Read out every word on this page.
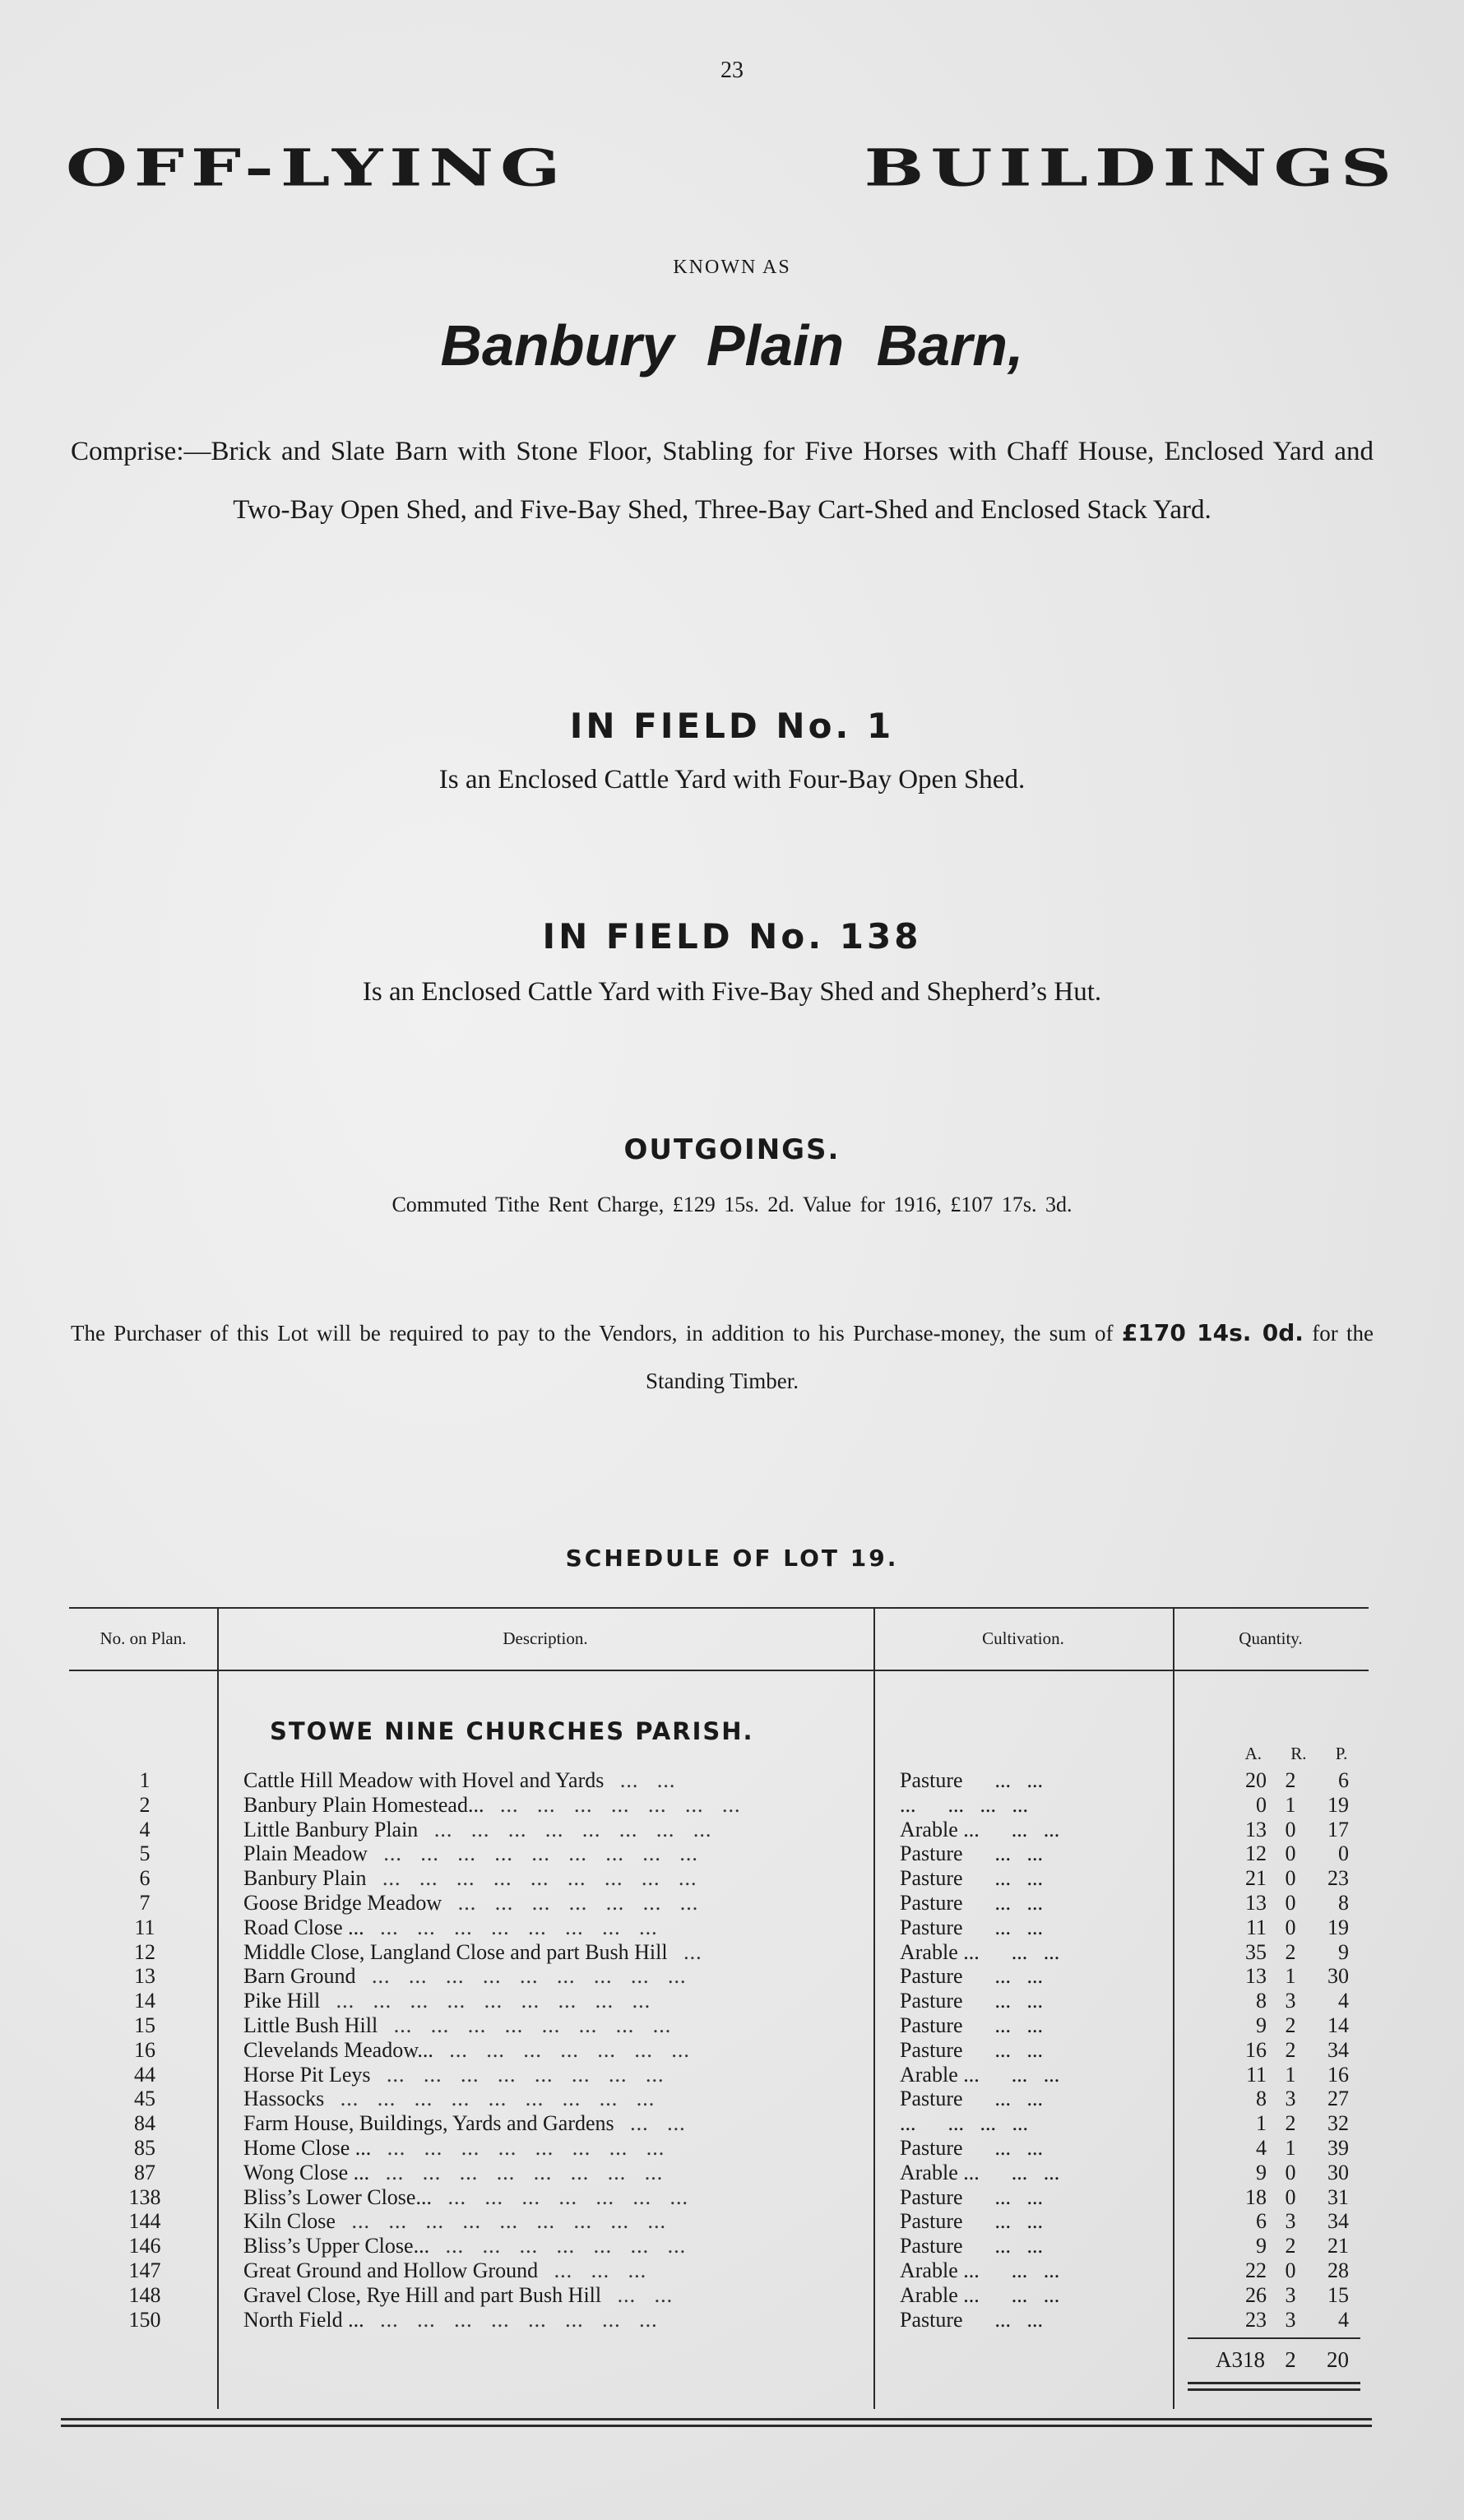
23
OFF-LYING	BUILDINGS
KNOWN AS
Banbury Plain Barn,
Comprise:—Brick and Slate Barn with Stone Floor, Stabling for Five Horses with Chaff House, Enclosed Yard and Two-Bay Open Shed, and Five-Bay Shed, Three-Bay Cart-Shed and Enclosed Stack Yard.
IN FIELD No. 1
Is an Enclosed Cattle Yard with Four-Bay Open Shed.
IN FIELD No. 138
Is an Enclosed Cattle Yard with Five-Bay Shed and Shepherd’s Hut.
OUTGOINGS.
Commuted Tithe Rent Charge, £129 15s. 2d. Value for 1916, £107 17s. 3d.
The Purchaser of this Lot will be required to pay to the Vendors, in addition to his Purchase-money, the sum of £170 14s. 0d. for the Standing Timber.
SCHEDULE OF LOT 19.
No. on Plan.	Description.	Cultivation.	Quantity.
STOWE NINE CHURCHES PARISH.
A. R. P.
1	Cattle Hill Meadow with Hovel and Yards ...   ...	Pasture ...   ...	20 2	6
2	Banbury Plain Homestead... ...   ...   ...   ...   ...   ...   ...	... ...   ...   ...	0 1	19
4	Little Banbury Plain ...   ...   ...   ...   ...   ...   ...   ...	Arable ... ...   ...	13 0	17
5	Plain Meadow ...   ...   ...   ...   ...   ...   ...   ...   ...	Pasture ...   ...	12 0	0
6	Banbury Plain ...   ...   ...   ...   ...   ...   ...   ...   ...	Pasture ...   ...	21 0	23
7	Goose Bridge Meadow ...   ...   ...   ...   ...   ...   ...	Pasture ...   ...	13 0	8
11	Road Close ... ...   ...   ...   ...   ...   ...   ...   ...	Pasture ...   ...	11 0	19
12	Middle Close, Langland Close and part Bush Hill ...	Arable ... ...   ...	35 2	9
13	Barn Ground ...   ...   ...   ...   ...   ...   ...   ...   ...	Pasture ...   ...	13 1	30
14	Pike Hill ...   ...   ...   ...   ...   ...   ...   ...   ...	Pasture ...   ...	8 3	4
15	Little Bush Hill ...   ...   ...   ...   ...   ...   ...   ...	Pasture ...   ...	9 2	14
16	Clevelands Meadow... ...   ...   ...   ...   ...   ...   ...	Pasture ...   ...	16 2	34
44	Horse Pit Leys ...   ...   ...   ...   ...   ...   ...   ...	Arable ... ...   ...	11 1	16
45	Hassocks ...   ...   ...   ...   ...   ...   ...   ...   ...	Pasture ...   ...	8 3	27
84	Farm House, Buildings, Yards and Gardens ...   ...	... ...   ...   ...	1 2	32
85	Home Close ... ...   ...   ...   ...   ...   ...   ...   ...	Pasture ...   ...	4 1	39
87	Wong Close ... ...   ...   ...   ...   ...   ...   ...   ...	Arable ... ...   ...	9 0	30
138	Bliss’s Lower Close... ...   ...   ...   ...   ...   ...   ...	Pasture ...   ...	18 0	31
144	Kiln Close ...   ...   ...   ...   ...   ...   ...   ...   ...	Pasture ...   ...	6 3	34
146	Bliss’s Upper Close... ...   ...   ...   ...   ...   ...   ...	Pasture ...   ...	9 2	21
147	Great Ground and Hollow Ground ...   ...   ...	Arable ... ...   ...	22 0	28
148	Gravel Close, Rye Hill and part Bush Hill ...   ...	Arable ... ...   ...	26 3	15
150	North Field ... ...   ...   ...   ...   ...   ...   ...   ...	Pasture ...   ...	23 3	4
A318 2	20
